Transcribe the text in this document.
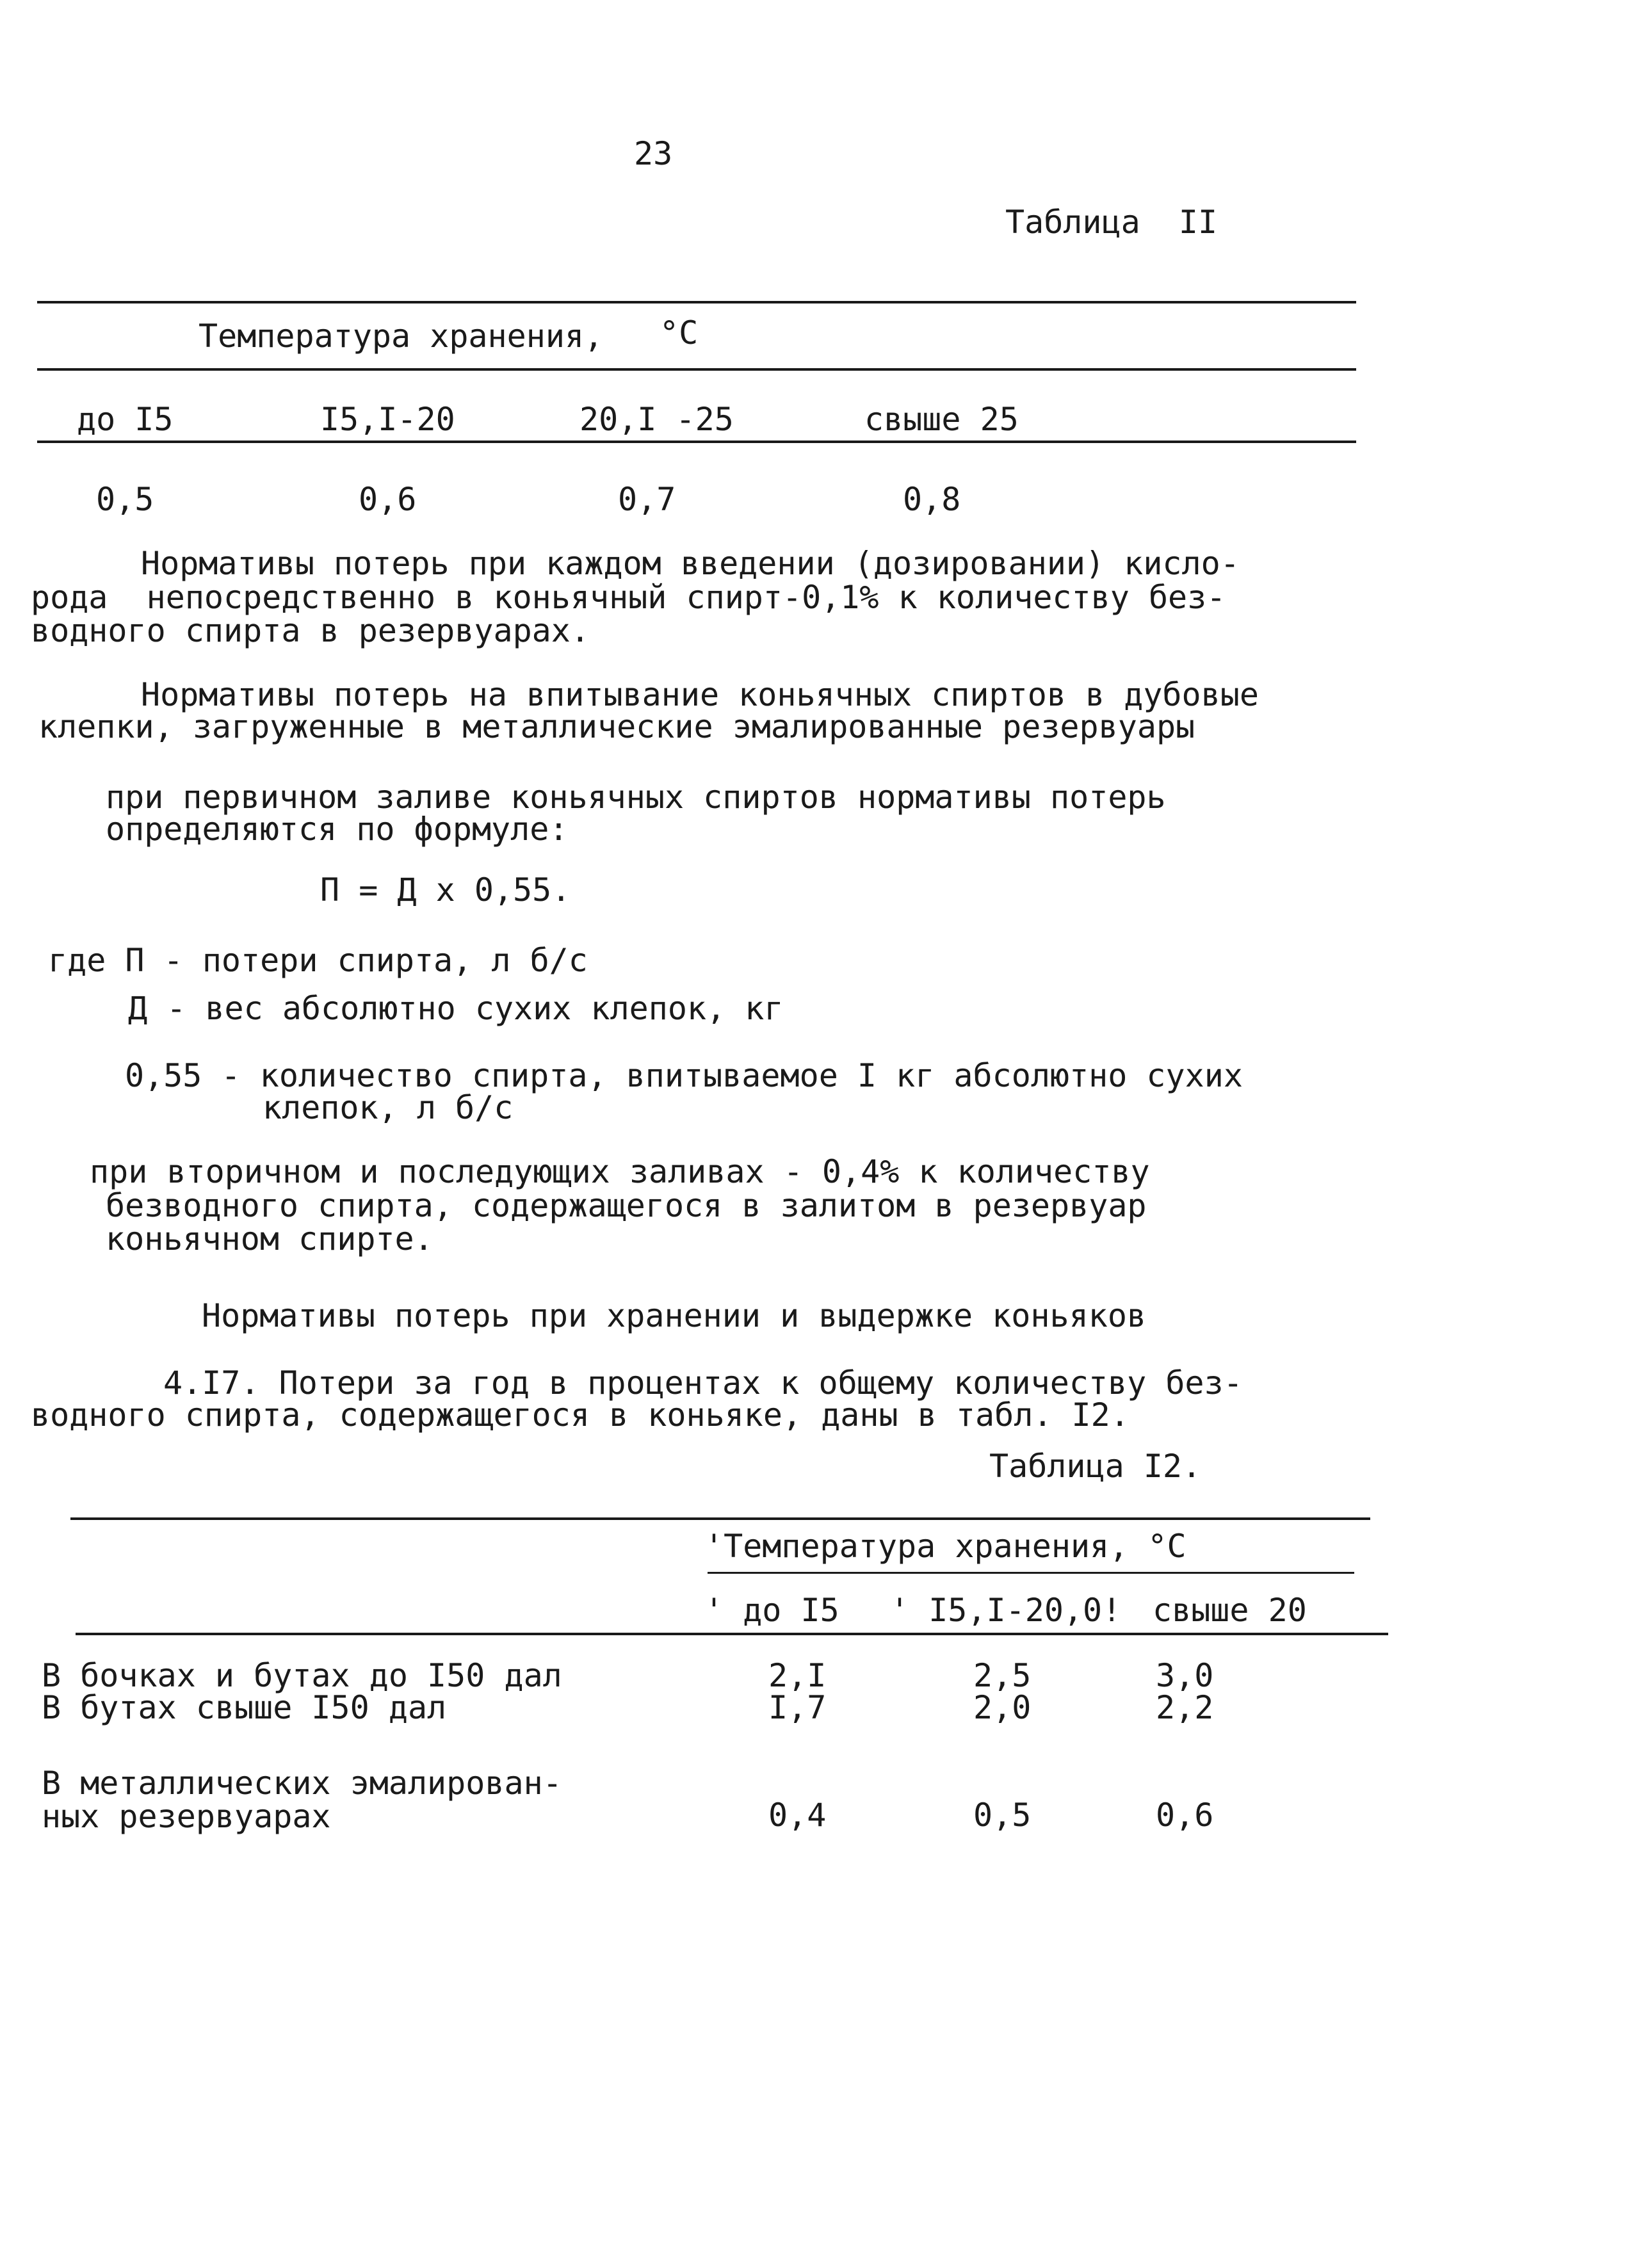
23
Таблица  II
Температура хранения, °С
до I5	I5,I-20	20,I -25	свыше 25
0,5	0,6	0,7	0,8
Нормативы потерь при каждом введении (дозировании) кисло-
рода  непосредственно в коньячный спирт-0,1% к количеству без-
водного спирта в резервуарах.
Нормативы потерь на впитывание коньячных спиртов в дубовые
клепки, загруженные в металлические эмалированные резервуары
при первичном заливе коньячных спиртов нормативы потерь
определяются по формуле:
П = Д х 0,55.
где П - потери спирта, л б/с
Д - вес абсолютно сухих клепок, кг
0,55 - количество спирта, впитываемое I кг абсолютно сухих
клепок, л б/с
при вторичном и последующих заливах - 0,4% к количеству
безводного спирта, содержащегося в залитом в резервуар
коньячном спирте.
Нормативы потерь при хранении и выдержке коньяков
4.I7. Потери за год в процентах к общему количеству без-
водного спирта, содержащегося в коньяке, даны в табл. I2.
Таблица I2.
'Температура хранения, °С
' до I5 ' I5,I-20,0! свыше 20
В бочках и бутах до I50 дал	2,I	2,5	3,0
В бутах свыше I50 дал	I,7	2,0	2,2
В металлических эмалирован-
ных резервуарах	0,4	0,5	0,6
